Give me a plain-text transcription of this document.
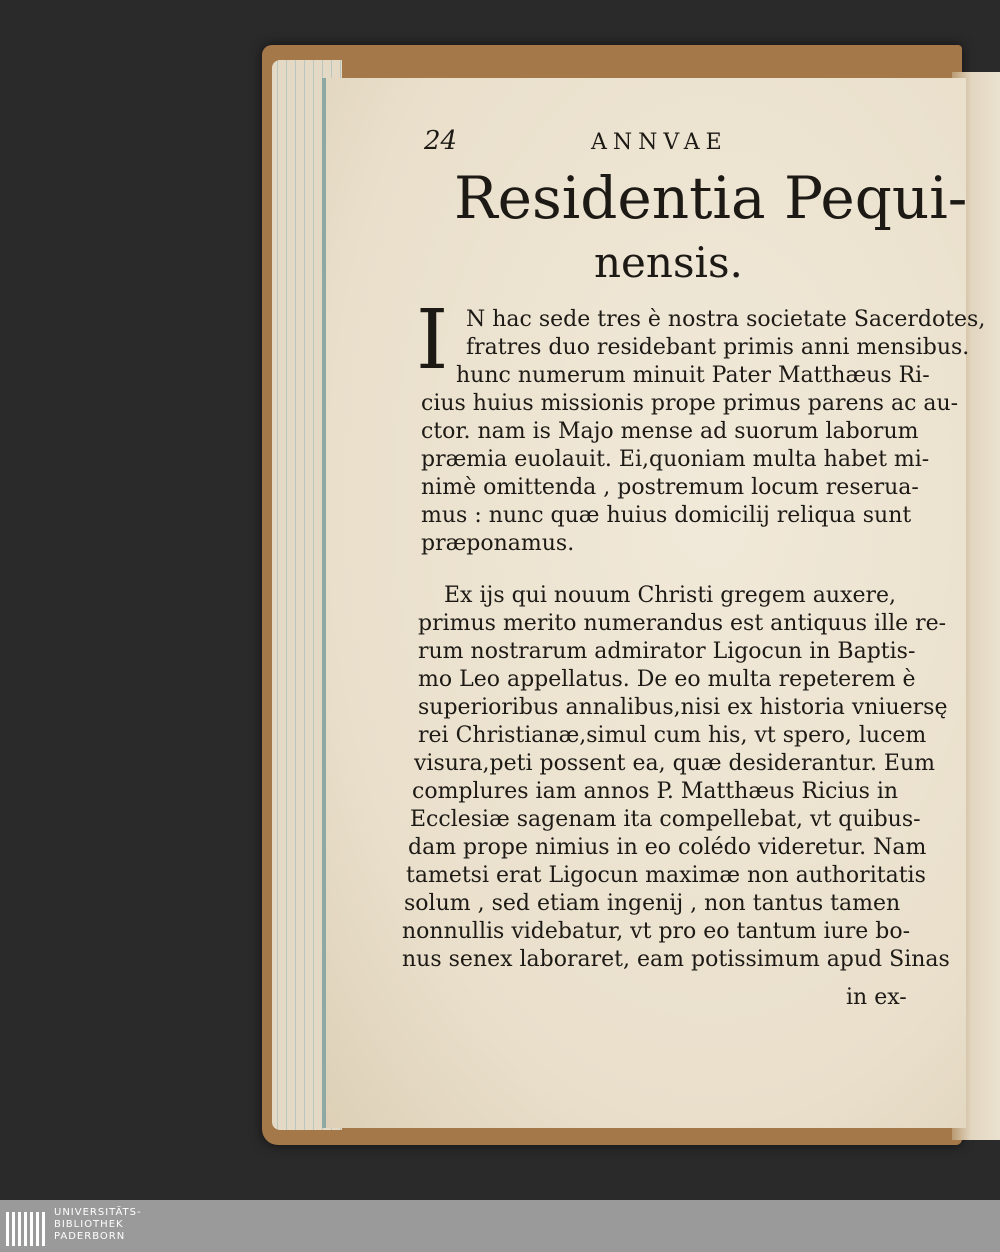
24	ANNVAE
Residentia Pequi-
nensis.
I N hac sede tres è nostra societate Sacerdotes,
fratres duo residebant primis anni mensibus.
hunc numerum minuit Pater Matthæus Ri-
cius huius missionis prope primus parens ac au-
ctor. nam is Majo mense ad suorum laborum
præmia euolauit. Ei,quoniam multa habet mi-
nimè omittenda , postremum locum reserua-
mus : nunc quæ huius domicilij reliqua sunt
præponamus.
Ex ijs qui nouum Christi gregem auxere,
primus merito numerandus est antiquus ille re-
rum nostrarum admirator Ligocun in Baptis-
mo Leo appellatus. De eo multa repeterem è
superioribus annalibus,nisi ex historia vniuersę
rei Christianæ,simul cum his, vt spero, lucem
visura,peti possent ea, quæ desiderantur. Eum
complures iam annos P. Matthæus Ricius in
Ecclesiæ sagenam ita compellebat, vt quibus-
dam prope nimius in eo colédo videretur. Nam
tametsi erat Ligocun maximæ non authoritatis
solum , sed etiam ingenij , non tantus tamen
nonnullis videbatur, vt pro eo tantum iure bo-
nus senex laboraret, eam potissimum apud Sinas
in ex-
UNIVERSITÄTS-
BIBLIOTHEK
PADERBORN
